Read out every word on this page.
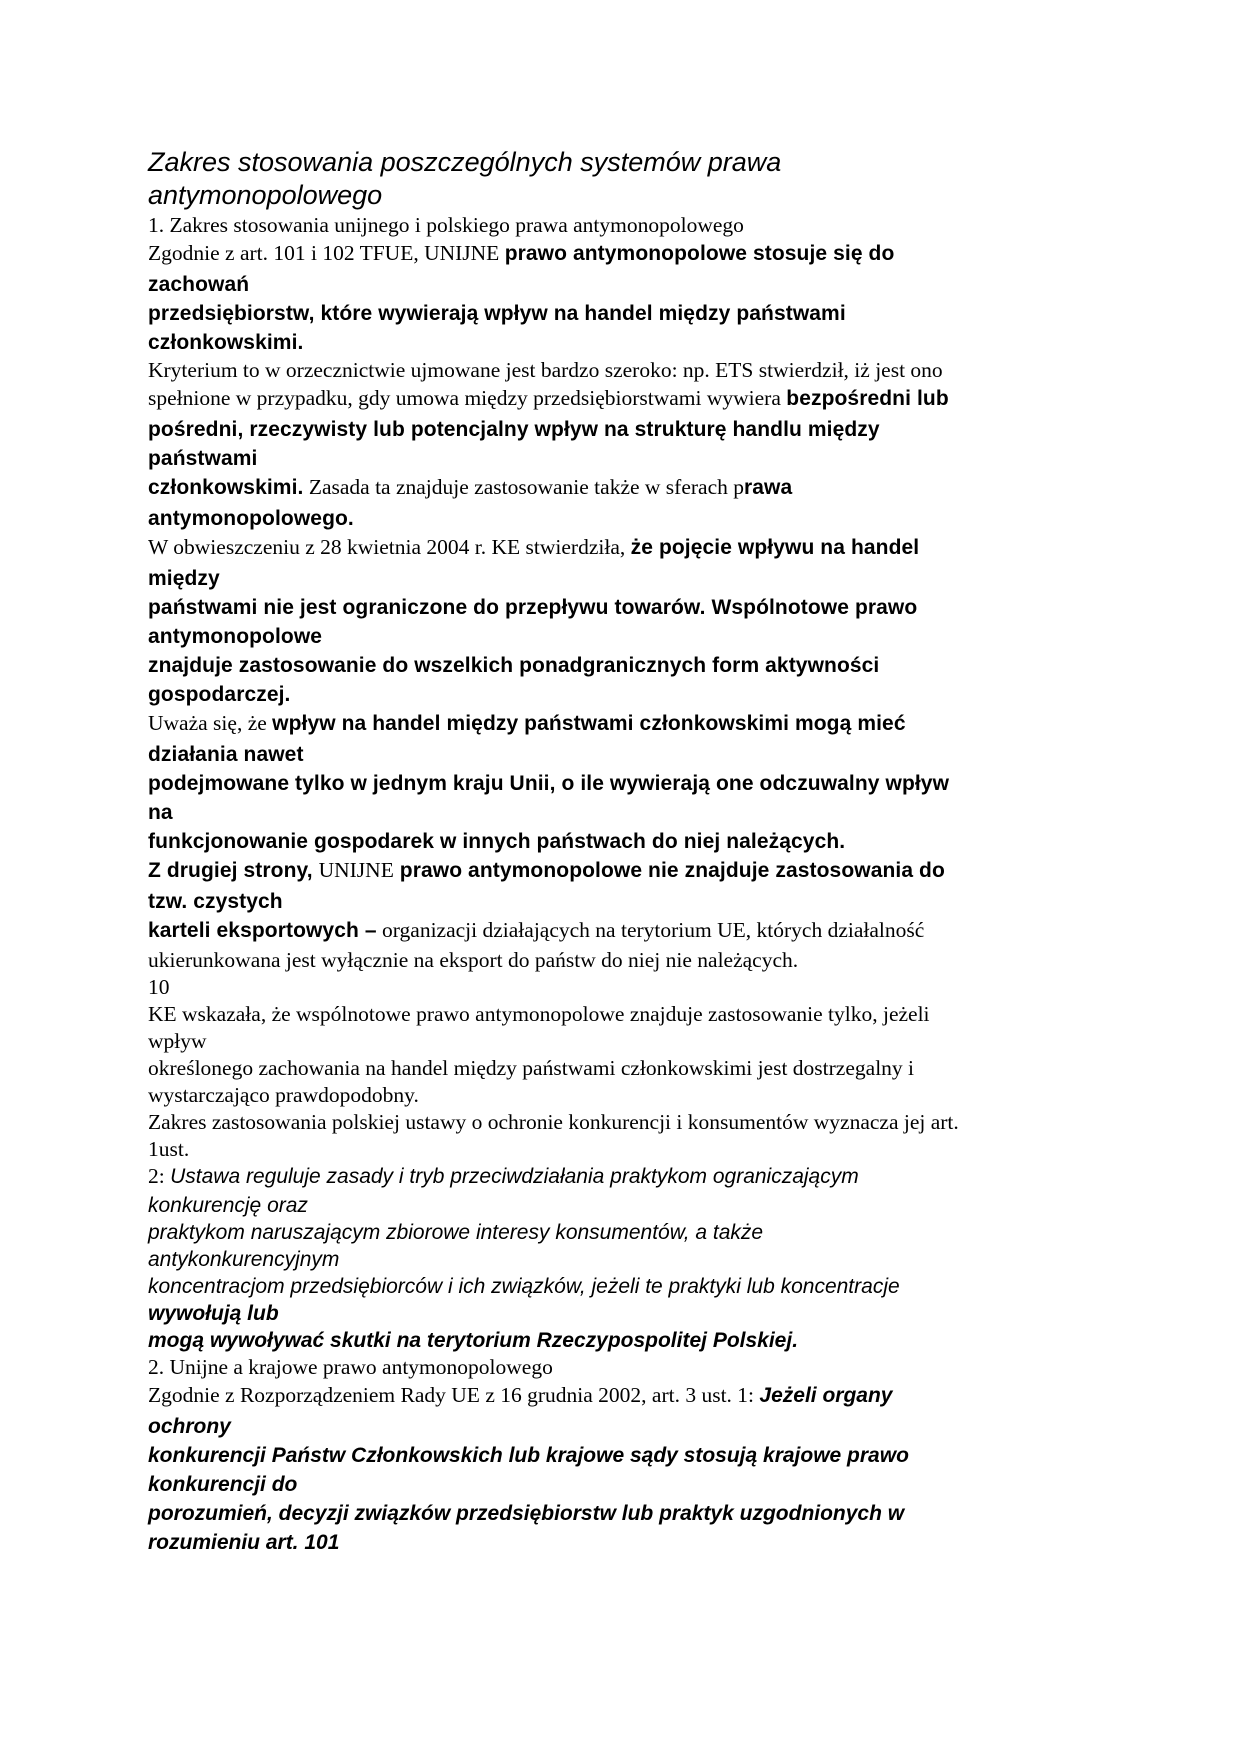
Zakres stosowania poszczególnych systemów prawa
antymonopolowego
1. Zakres stosowania unijnego i polskiego prawa antymonopolowego
Zgodnie z art. 101 i 102 TFUE, UNIJNE prawo antymonopolowe stosuje się do
zachowań
przedsiębiorstw, które wywierają wpływ na handel między państwami
członkowskimi.
Kryterium to w orzecznictwie ujmowane jest bardzo szeroko: np. ETS stwierdził, iż jest ono
spełnione w przypadku, gdy umowa między przedsiębiorstwami wywiera bezpośredni lub
pośredni, rzeczywisty lub potencjalny wpływ na strukturę handlu między
państwami
członkowskimi. Zasada ta znajduje zastosowanie także w sferach prawa
antymonopolowego.
W obwieszczeniu z 28 kwietnia 2004 r. KE stwierdziła, że pojęcie wpływu na handel
między
państwami nie jest ograniczone do przepływu towarów. Wspólnotowe prawo
antymonopolowe
znajduje zastosowanie do wszelkich ponadgranicznych form aktywności
gospodarczej.
Uważa się, że wpływ na handel między państwami członkowskimi mogą mieć
działania nawet
podejmowane tylko w jednym kraju Unii, o ile wywierają one odczuwalny wpływ
na
funkcjonowanie gospodarek w innych państwach do niej należących.
Z drugiej strony, UNIJNE prawo antymonopolowe nie znajduje zastosowania do
tzw. czystych
karteli eksportowych – organizacji działających na terytorium UE, których działalność
ukierunkowana jest wyłącznie na eksport do państw do niej nie należących.
10
KE wskazała, że wspólnotowe prawo antymonopolowe znajduje zastosowanie tylko, jeżeli
wpływ
określonego zachowania na handel między państwami członkowskimi jest dostrzegalny i
wystarczająco prawdopodobny.
Zakres zastosowania polskiej ustawy o ochronie konkurencji i konsumentów wyznacza jej art.
1ust.
2: Ustawa reguluje zasady i tryb przeciwdziałania praktykom ograniczającym
konkurencję oraz
praktykom naruszającym zbiorowe interesy konsumentów, a także
antykonkurencyjnym
koncentracjom przedsiębiorców i ich związków, jeżeli te praktyki lub koncentracje
wywołują lub
mogą wywoływać skutki na terytorium Rzeczypospolitej Polskiej.
2. Unijne a krajowe prawo antymonopolowego
Zgodnie z Rozporządzeniem Rady UE z 16 grudnia 2002, art. 3 ust. 1: Jeżeli organy
ochrony
konkurencji Państw Członkowskich lub krajowe sądy stosują krajowe prawo
konkurencji do
porozumień, decyzji związków przedsiębiorstw lub praktyk uzgodnionych w
rozumieniu art. 101
